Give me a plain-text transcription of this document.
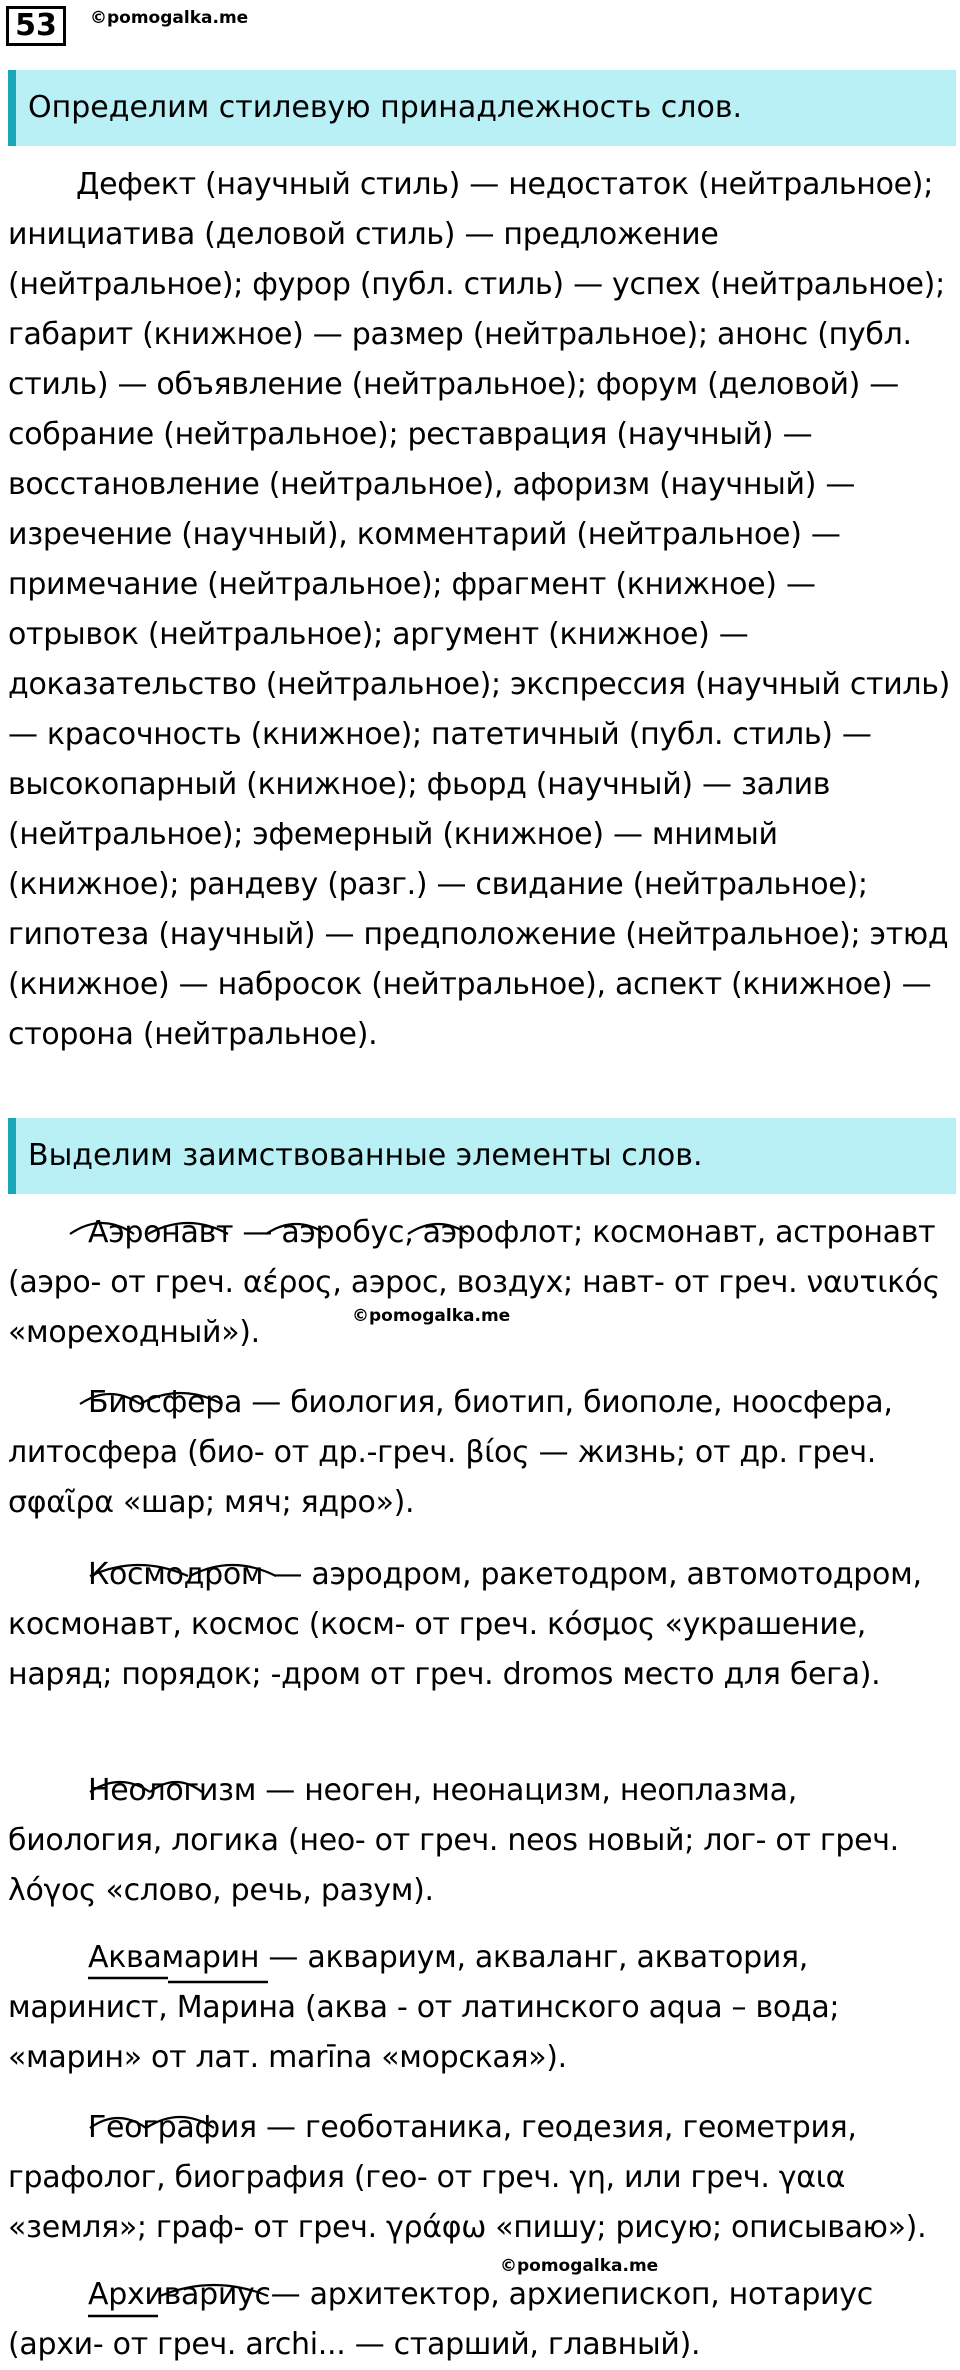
53	©pomogalka.me
Определим стилевую принадлежность слов.

Дефект (научный стиль) — недостаток (нейтральное); инициатива (деловой стиль) — предложение (нейтральное); фурор (публ. стиль) — успех (нейтральное); габарит (книжное) — размер (нейтральное); анонс (публ. стиль) — объявление (нейтральное); форум (деловой) — собрание (нейтральное); реставрация (научный) — восстановление (нейтральное), афоризм (научный) — изречение (научный), комментарий (нейтральное) — примечание (нейтральное); фрагмент (книжное) — отрывок (нейтральное); аргумент (книжное) — доказательство (нейтральное); экспрессия (научный стиль) — красочность (книжное); патетичный (публ. стиль) — высокопарный (книжное); фьорд (научный) — залив (нейтральное); эфемерный (книжное) — мнимый (книжное); рандеву (разг.) — свидание (нейтральное); гипотеза (научный) — предположение (нейтральное); этюд (книжное) — набросок (нейтральное), аспект (книжное) — сторона (нейтральное).

Выделим заимствованные элементы слов.

Аэронавт — аэробус, аэрофлот; космонавт, астронавт (аэро- от греч. αέρος, аэрос, воздух; навт- от греч. ναυτικός «мореходный»).	©pomogalka.me

Биосфера — биология, биотип, биополе, ноосфера, литосфера (био- от др.-греч. βίος — жизнь; от др. греч. σφαῖρα «шар; мяч; ядро»).

Космодром — аэродром, ракетодром, автомотодром, космонавт, космос (косм- от греч. κόσμος «украшение, наряд; порядок; -дром от греч. dromos место для бега).

Неологизм — неоген, неонацизм, неоплазма, биология, логика (нео- от греч. neos новый; лог- от греч. λόγος «слово, речь, разум).

Аквамарин — аквариум, акваланг, акватория, маринист, Марина (аква - от латинского aqua – вода; «марин» от лат. marīna «морская»).

География — геоботаника, геодезия, геометрия, графолог, биография (гео- от греч. γη, или греч. γαια «земля»; граф- от греч. γράφω «пишу; рисую; описываю»).

©pomogalka.me

Архивариус— архитектор, архиепископ, нотариус (архи- от греч. archi... — старший, главный).
